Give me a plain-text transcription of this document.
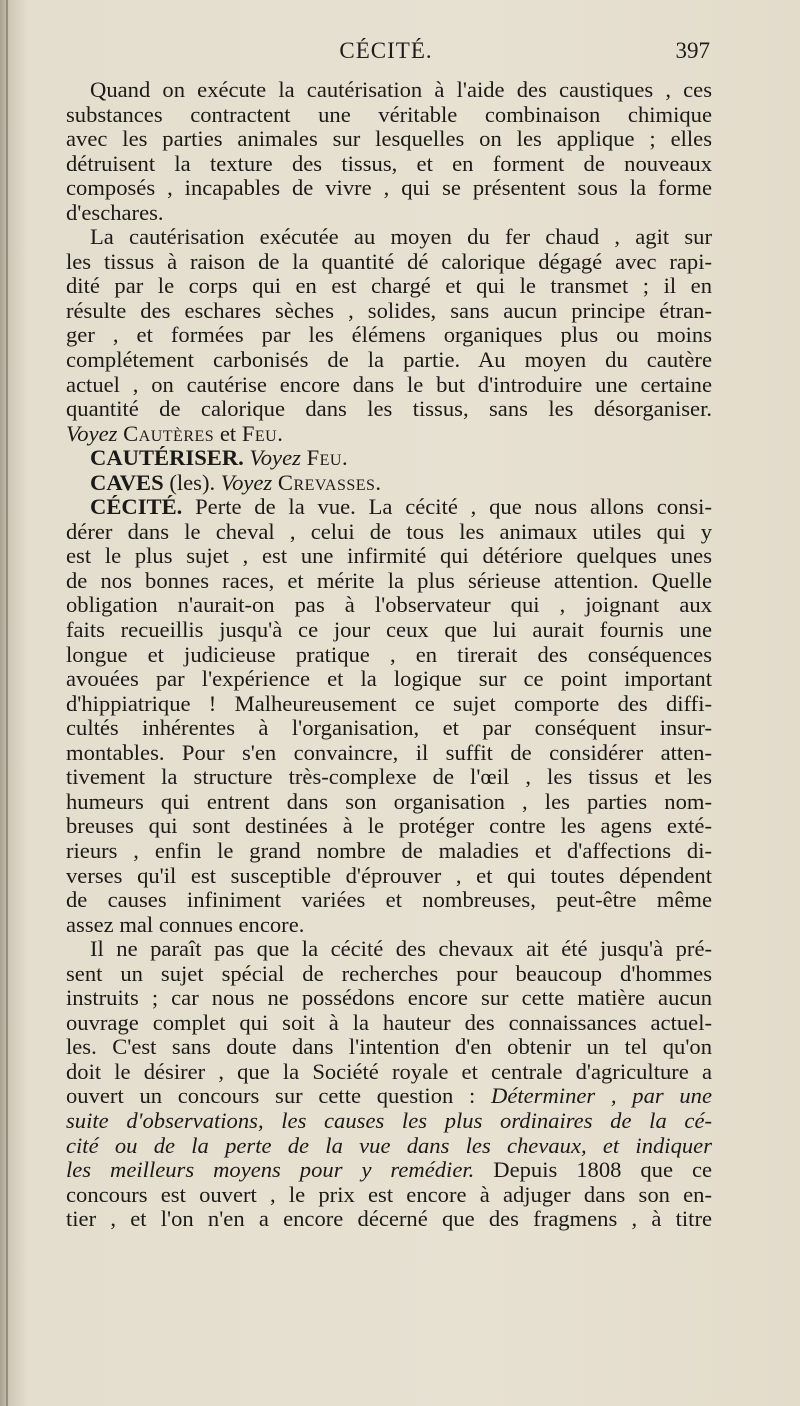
CÉCITÉ.	397
Quand on exécute la cautérisation à l'aide des caustiques , ces
substances contractent une véritable combinaison chimique
avec les parties animales sur lesquelles on les applique ; elles
détruisent la texture des tissus, et en forment de nouveaux
composés , incapables de vivre , qui se présentent sous la forme
d'eschares.
La cautérisation exécutée au moyen du fer chaud , agit sur
les tissus à raison de la quantité dé calorique dégagé avec rapi-
dité par le corps qui en est chargé et qui le transmet ; il en
résulte des eschares sèches , solides, sans aucun principe étran-
ger , et formées par les élémens organiques plus ou moins
complétement carbonisés de la partie. Au moyen du cautère
actuel , on cautérise encore dans le but d'introduire une certaine
quantité de calorique dans les tissus, sans les désorganiser.
Voyez Cautères et Feu.
CAUTÉRISER. Voyez Feu.
CAVES (les). Voyez Crevasses.
CÉCITÉ. Perte de la vue. La cécité , que nous allons consi-
dérer dans le cheval , celui de tous les animaux utiles qui y
est le plus sujet , est une infirmité qui détériore quelques unes
de nos bonnes races, et mérite la plus sérieuse attention. Quelle
obligation n'aurait-on pas à l'observateur qui , joignant aux
faits recueillis jusqu'à ce jour ceux que lui aurait fournis une
longue et judicieuse pratique , en tirerait des conséquences
avouées par l'expérience et la logique sur ce point important
d'hippiatrique ! Malheureusement ce sujet comporte des diffi-
cultés inhérentes à l'organisation, et par conséquent insur-
montables. Pour s'en convaincre, il suffit de considérer atten-
tivement la structure très-complexe de l'œil , les tissus et les
humeurs qui entrent dans son organisation , les parties nom-
breuses qui sont destinées à le protéger contre les agens exté-
rieurs , enfin le grand nombre de maladies et d'affections di-
verses qu'il est susceptible d'éprouver , et qui toutes dépendent
de causes infiniment variées et nombreuses, peut-être même
assez mal connues encore.
Il ne paraît pas que la cécité des chevaux ait été jusqu'à pré-
sent un sujet spécial de recherches pour beaucoup d'hommes
instruits ; car nous ne possédons encore sur cette matière aucun
ouvrage complet qui soit à la hauteur des connaissances actuel-
les. C'est sans doute dans l'intention d'en obtenir un tel qu'on
doit le désirer , que la Société royale et centrale d'agriculture a
ouvert un concours sur cette question : Déterminer , par une
suite d'observations, les causes les plus ordinaires de la cé-
cité ou de la perte de la vue dans les chevaux, et indiquer
les meilleurs moyens pour y remédier. Depuis 1808 que ce
concours est ouvert , le prix est encore à adjuger dans son en-
tier , et l'on n'en a encore décerné que des fragmens , à titre
